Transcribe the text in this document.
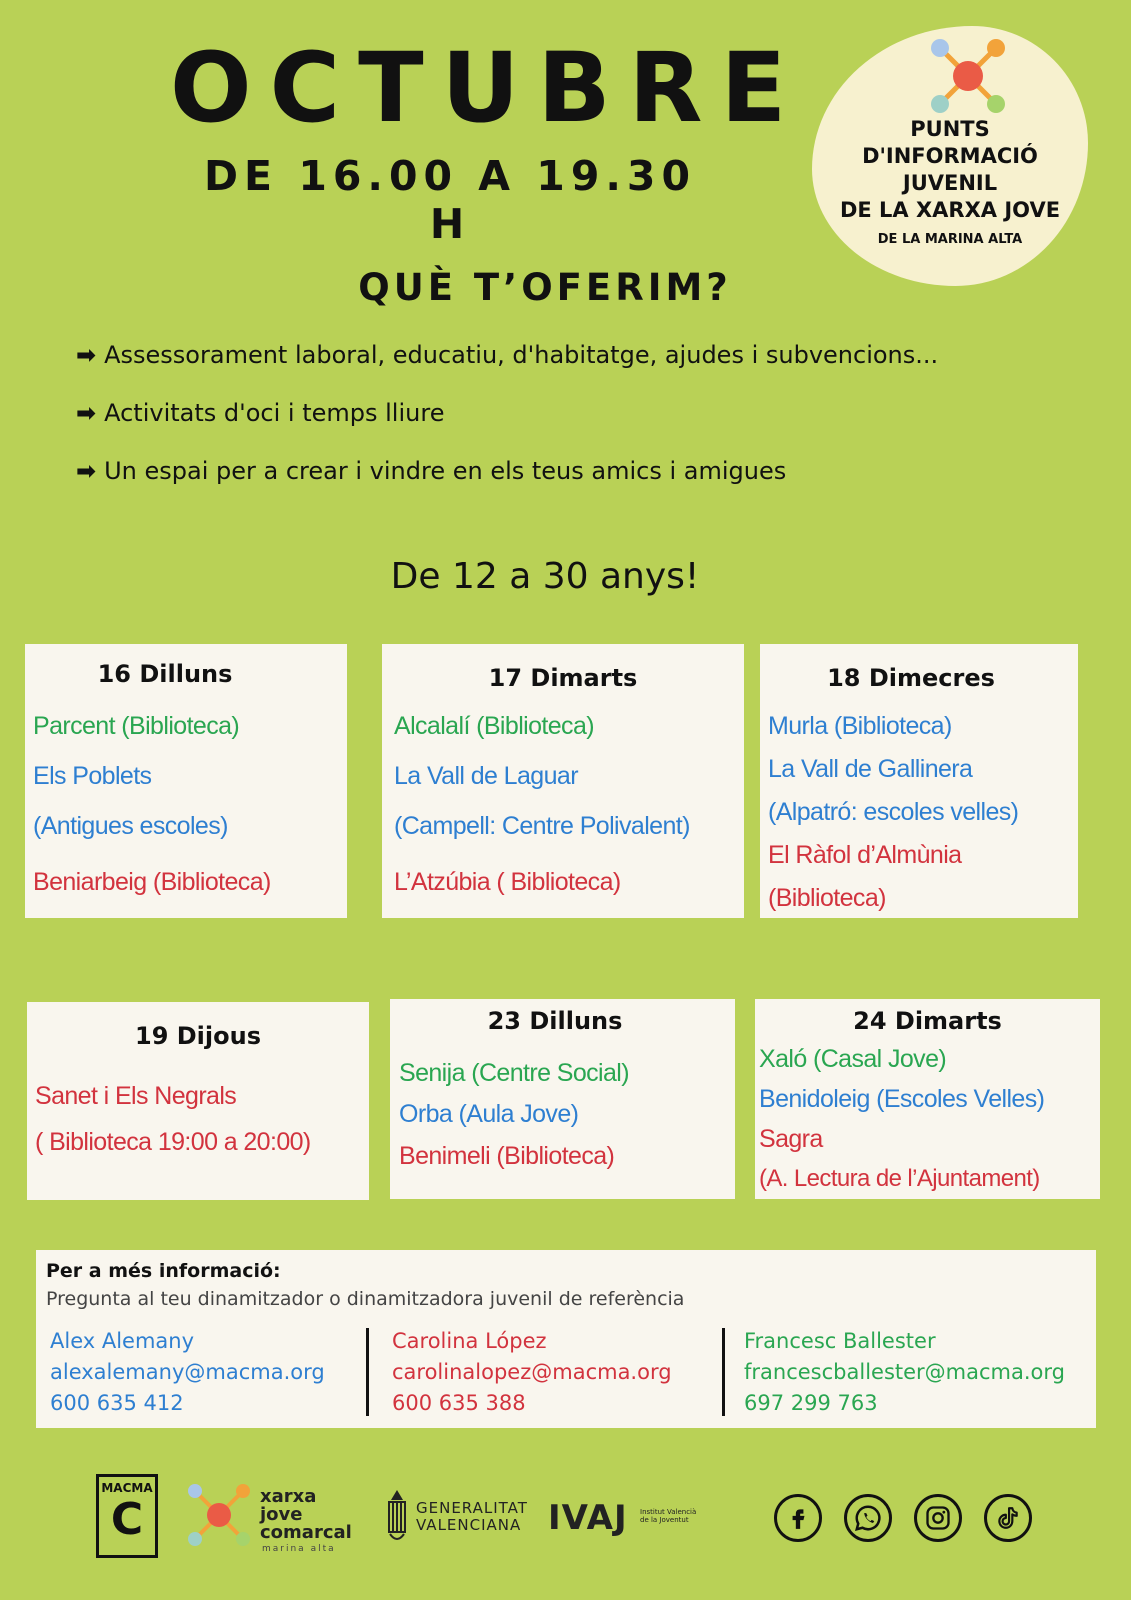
OCTUBRE
DE 16.00 A 19.30 H
PUNTS
D'INFORMACIÓ
JUVENIL
DE LA XARXA JOVE
DE LA MARINA ALTA
QUÈ T’OFERIM?
➡ Assessorament laboral, educatiu, d'habitatge, ajudes i subvencions...
➡ Activitats d'oci i temps lliure
➡ Un espai per a crear i vindre en els teus amics i amigues
De 12 a 30 anys!
16 Dilluns
Parcent (Biblioteca)
Els Poblets
(Antigues escoles)
Beniarbeig (Biblioteca)
17 Dimarts
Alcalalí (Biblioteca)
La Vall de Laguar
(Campell: Centre Polivalent)
L’Atzúbia ( Biblioteca)
18 Dimecres
Murla (Biblioteca)
La Vall de Gallinera
(Alpatró: escoles velles)
El Ràfol d’Almùnia
(Biblioteca)
19 Dijous
Sanet i Els Negrals
( Biblioteca 19:00 a 20:00)
23 Dilluns
Senija (Centre Social)
Orba (Aula Jove)
Benimeli (Biblioteca)
24 Dimarts
Xaló (Casal Jove)
Benidoleig (Escoles Velles)
Sagra
(A. Lectura de l’Ajuntament)
Per a més informació:
Pregunta al teu dinamitzador o dinamitzadora juvenil de referència
Alex Alemany
alexalemany@macma.org
600 635 412
Carolina López
carolinalopez@macma.org
600 635 388
Francesc Ballester
francescballester@macma.org
697 299 763
MACMA
C	xarxa
jove
comarcal
marina alta
GENERALITAT
VALENCIANA IVAJ Institut Valencià
de la Joventut
